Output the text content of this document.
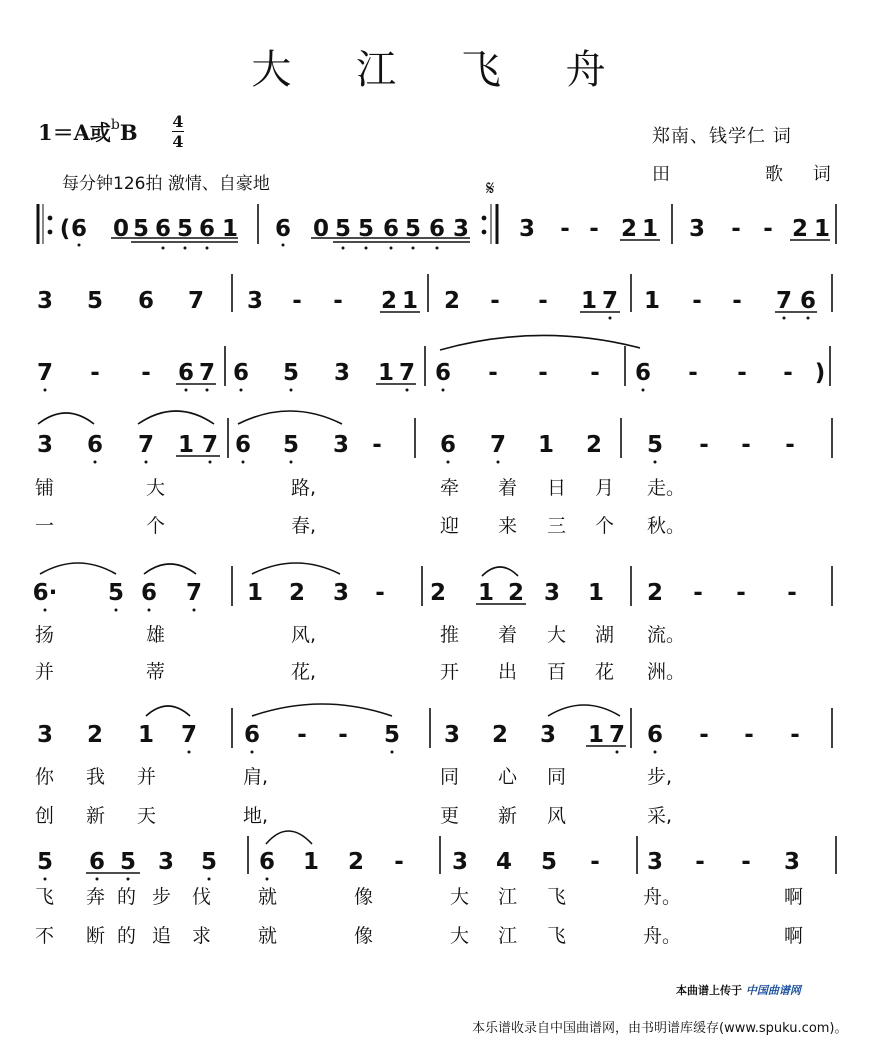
大 江 飞 舟
1＝A或$^b$B 4
4
每分钟126拍 激情、自豪地
郑南、钱学仁 词
田	歌 词
𝄋
6 0 5 6 5 6 1 6 0 5 5 6 5 6 3 3 - - 2 1 3 - - 2 1
(
3 5 6 7 3 - - 2 1 2 - - 1 7 1 - - 7 6
7 - - 6 7 6 5 3 1 7 6 - - - 6 - - - )
3 6 7 1 7 6 5 3 -	6 7 1 2 5 - - -
6· 5 6 7 1 2 3 - 2 1 2 3 1 2 - - -
3 2 1 7 6 - - 5 3 2 3 1 7 6 - - -
5 6 5 3 5 6 1 2 - 3 4 5 - 3 - - 3
铺	大	路,	牵 着 日 月 走。
一	个	春,	迎 来 三 个 秋。
扬	雄	风,	推 着 大 湖 流。
并	蒂	花,	开 出 百 花 洲。
你 我 并	肩,	同 心 同	步,
创 新 天	地,	更 新 风	采,
飞 奔 的 步 伐 就	像	大 江 飞	舟。	啊
不 断 的 追 求 就	像	大 江 飞	舟。	啊
本曲谱上传于 中国曲谱网
本乐谱收录自中国曲谱网，由书明谱库缓存(www.spuku.com)。
